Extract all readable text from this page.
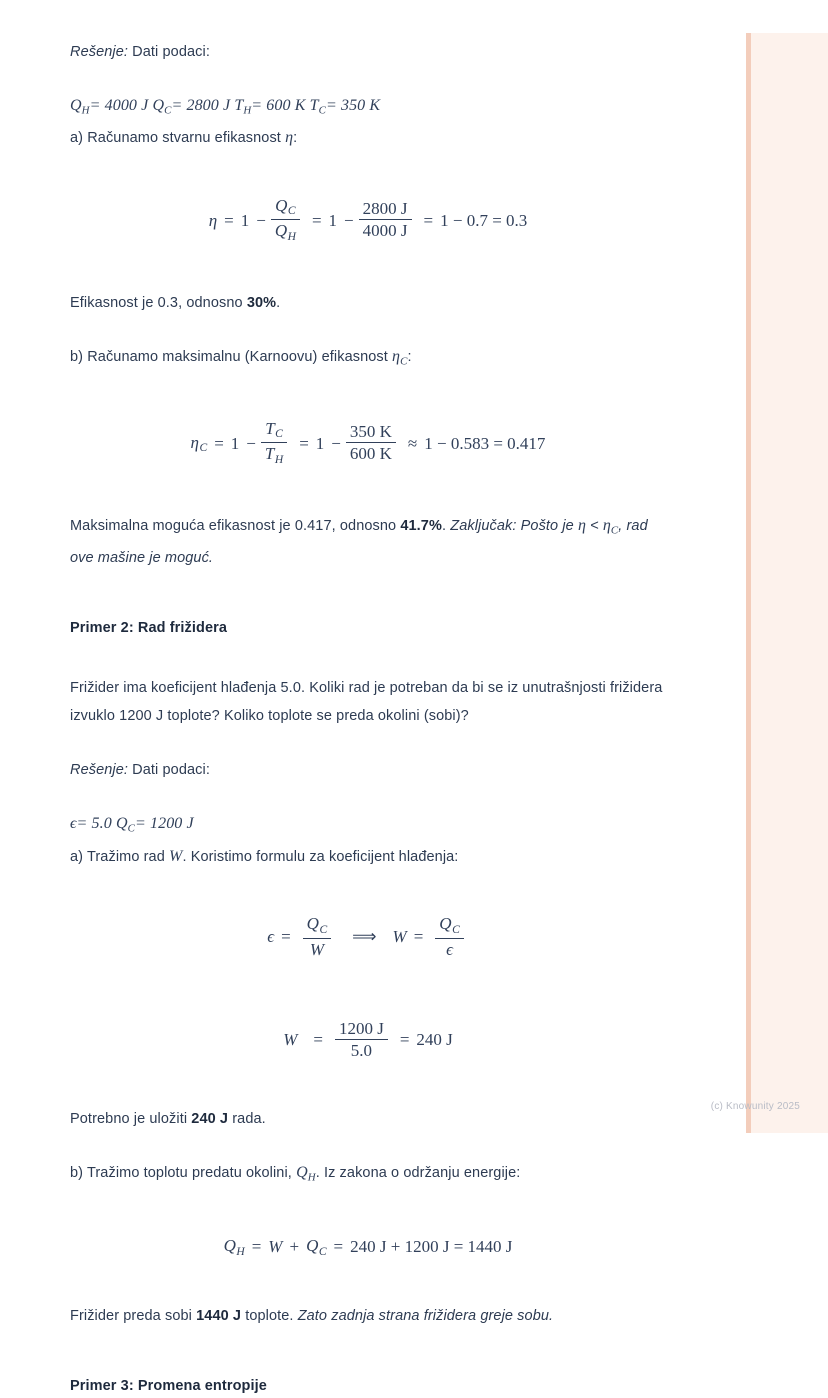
Rešenje: Dati podaci:

$Q_H= 4000$ J $Q_C= 2800$ J $T_H= 600$ K $T_C= 350$ K

a) Računamo stvarnu efikasnost η:

$\eta = 1 - \frac{Q_C}{Q_H} = 1 - \frac{2800 J}{4000 J} = 1 - 0.7 = 0.3$

Efikasnost je 0.3, odnosno 30%.

b) Računamo maksimalnu (Karnoovu) efikasnost $\eta_C$:

$\eta_C = 1 - \frac{T_C}{T_H} = 1 - \frac{350 K}{600 K} \approx 1 - 0.583 = 0.417$

Maksimalna moguća efikasnost je 0.417, odnosno 41.7%. Zaključak: Pošto je $\eta < \eta_C$, rad ove mašine je moguć.

Primer 2: Rad frižidera

Frižider ima koeficijent hlađenja 5.0. Koliki rad je potreban da bi se iz unutrašnjosti frižidera izvuklo 1200 J toplote? Koliko toplote se preda okolini (sobi)?

Rešenje: Dati podaci:

ϵ= 5.0 $Q_C= 1200$ J

a) Tražimo rad W. Koristimo formulu za koeficijent hlađenja:

$\epsilon = \frac{Q_C}{W}$ ⟹ $W = \frac{Q_C}{\epsilon}$
$W = \frac{1200 J}{5.0} = 240$ J

Potrebno je uložiti 240 J rada.

b) Tražimo toplotu predatu okolini, $Q_H$. Iz zakona o održanju energije:

$Q_H = W + Q_C = 240$ J + 1200 J = 1440 J

Frižider preda sobi 1440 J toplote. Zato zadnja strana frižidera greje sobu.

Primer 3: Promena entropije
(c) Knowunity 2025
